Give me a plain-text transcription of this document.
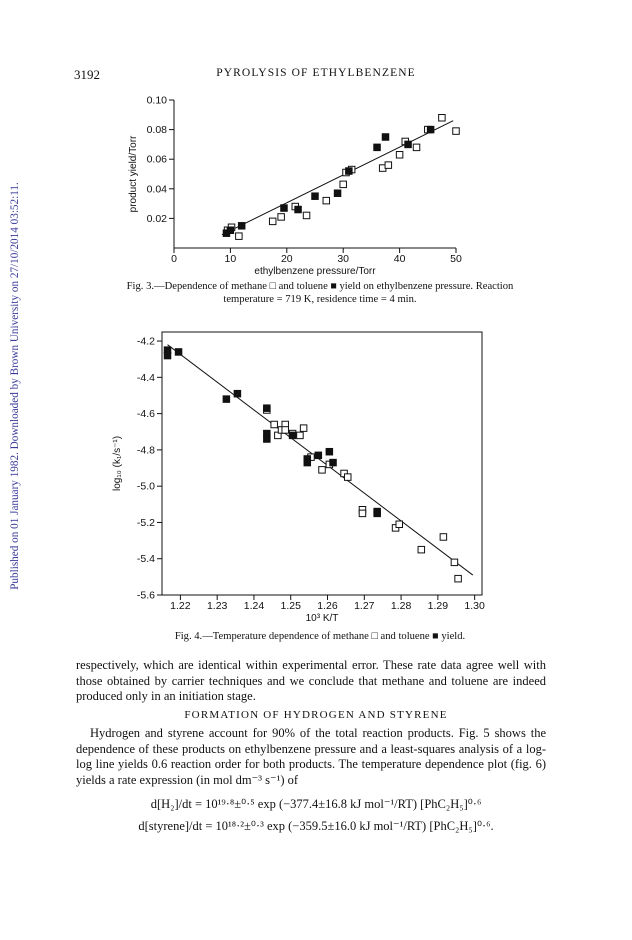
Published on 01 January 1982. Downloaded by Brown University on 27/10/2014 03:52:11.
3192	PYROLYSIS OF ETHYLBENZENE
0.10
0.08
0.06
0.04
0.02
0	10	20	30	40	50
ethylbenzene pressure/Torr
product yield/Torr
Fig. 3.—Dependence of methane □ and toluene ■ yield on ethylbenzene pressure. Reaction
temperature = 719 K, residence time = 4 min.
-4.2
-4.4
-4.6
-4.8
-5.0
-5.2
-5.4
-5.6
1.22 1.23 1.24 1.25 1.26 1.27 1.28 1.29 1.30
10³ K/T
log₁₀ (k₁/s⁻¹)
Fig. 4.—Temperature dependence of methane □ and toluene ■ yield.
respectively, which are identical within experimental error. These rate data agree well with those obtained by carrier techniques and we conclude that methane and toluene are indeed produced only in an initiation stage.
FORMATION OF HYDROGEN AND STYRENE
Hydrogen and styrene account for 90% of the total reaction products. Fig. 5 shows the dependence of these products on ethylbenzene pressure and a least-squares analysis of a log-log line yields 0.6 reaction order for both products. The temperature dependence plot (fig. 6) yields a rate expression (in mol dm⁻³ s⁻¹) of
d[H₂]/dt = 10¹⁹·⁸±⁰·⁵ exp (−377.4±16.8 kJ mol⁻¹/RT) [PhC₂H₅]⁰·⁶
d[styrene]/dt = 10¹⁸·²±⁰·³ exp (−359.5±16.0 kJ mol⁻¹/RT) [PhC₂H₅]⁰·⁶.
